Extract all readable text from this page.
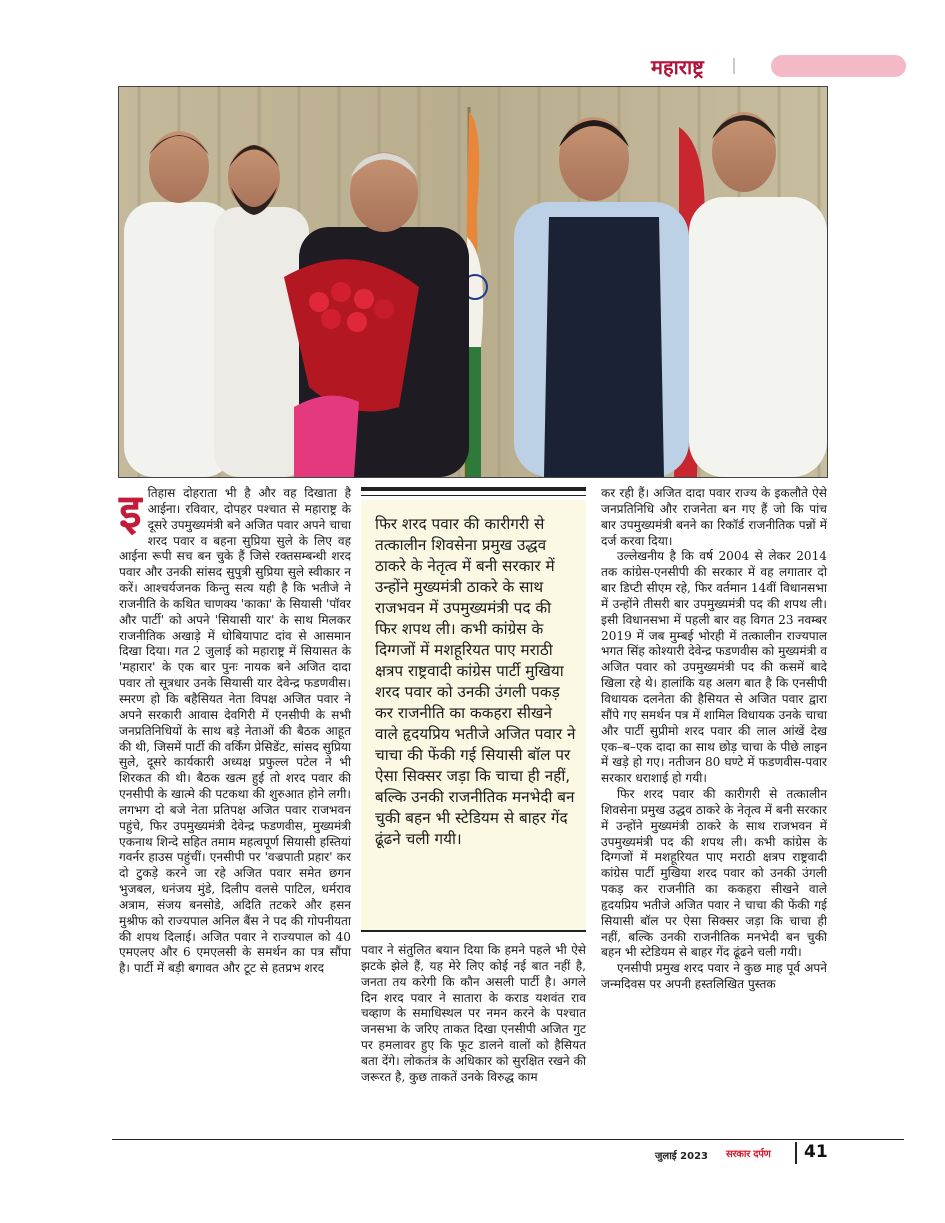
महाराष्ट्र
इ तिहास दोहराता भी है और वह दिखाता है आईना। रविवार, दोपहर पश्चात से महाराष्ट्र के दूसरे उपमुख्यमंत्री बने अजित पवार अपने चाचा शरद पवार व बहना सुप्रिया सुले के लिए वह आईना रूपी सच बन चुके हैं जिसे रक्तसम्बन्धी शरद पवार और उनकी सांसद सुपुत्री सुप्रिया सुले स्वीकार न करें। आश्चर्यजनक किन्तु सत्य यही है कि भतीजे ने राजनीति के कथित चाणक्य 'काका' के सियासी 'पॉवर और पार्टी' को अपने 'सियासी यार' के साथ मिलकर राजनीतिक अखाड़े में धोबियापाट दांव से आसमान दिखा दिया। गत 2 जुलाई को महाराष्ट्र में सियासत के 'महारार' के एक बार पुनः नायक बने अजित दादा पवार तो सूत्रधार उनके सियासी यार देवेन्द्र फडणवीस। स्मरण हो कि बहैसियत नेता विपक्ष अजित पवार ने अपने सरकारी आवास देवगिरी में एनसीपी के सभी जनप्रतिनिधियों के साथ बड़े नेताओं की बैठक आहूत की थी, जिसमें पार्टी की वर्किंग प्रेसिडेंट, सांसद सुप्रिया सुले, दूसरे कार्यकारी अध्यक्ष प्रफुल्ल पटेल ने भी शिरकत की थी। बैठक खत्म हुई तो शरद पवार की एनसीपी के खात्मे की पटकथा की शुरुआत होने लगी। लगभग दो बजे नेता प्रतिपक्ष अजित पवार राजभवन पहुंचे, फिर उपमुख्यमंत्री देवेन्द्र फडणवीस, मुख्यमंत्री एकनाथ शिन्दे सहित तमाम महत्वपूर्ण सियासी हस्तियां गवर्नर हाउस पहुंचीं। एनसीपी पर 'वज्रपाती प्रहार' कर दो टुकड़े करने जा रहे अजित पवार समेत छगन भुजबल, धनंजय मुंडे, दिलीप वलसे पाटिल, धर्मराव अत्राम, संजय बनसोडे, अदिति तटकरे और हसन मुश्रीफ को राज्यपाल अनिल बैंस ने पद की गोपनीयता की शपथ दिलाई। अजित पवार ने राज्यपाल को 40 एमएलए और 6 एमएलसी के समर्थन का पत्र सौंपा है। पार्टी में बड़ी बगावत और टूट से हतप्रभ शरद

फिर शरद पवार की कारीगरी से तत्कालीन शिवसेना प्रमुख उद्धव ठाकरे के नेतृत्व में बनी सरकार में उन्होंने मुख्यमंत्री ठाकरे के साथ राजभवन में उपमुख्यमंत्री पद की फिर शपथ ली। कभी कांग्रेस के दिग्गजों में मशहूरियत पाए मराठी क्षत्रप राष्ट्रवादी कांग्रेस पार्टी मुखिया शरद पवार को उनकी उंगली पकड़ कर राजनीति का ककहरा सीखने वाले हृदयप्रिय भतीजे अजित पवार ने चाचा की फेंकी गई सियासी बॉल पर ऐसा सिक्सर जड़ा कि चाचा ही नहीं, बल्कि उनकी राजनीतिक मनभेदी बन चुकी बहन भी स्टेडियम से बाहर गेंद ढूंढने चली गयी।

पवार ने संतुलित बयान दिया कि हमने पहले भी ऐसे झटके झेले हैं, यह मेरे लिए कोई नई बात नहीं है, जनता तय करेगी कि कौन असली पार्टी है। अगले दिन शरद पवार ने सातारा के कराड यशवंत राव चव्हाण के समाधिस्थल पर नमन करने के पश्चात जनसभा के जरिए ताकत दिखा एनसीपी अजित गुट पर हमलावर हुए कि फूट डालने वालों को हैसियत बता देंगे। लोकतंत्र के अधिकार को सुरक्षित रखने की जरूरत है, कुछ ताकतें उनके विरुद्ध काम

कर रही हैं। अजित दादा पवार राज्य के इकलौते ऐसे जनप्रतिनिधि और राजनेता बन गए हैं जो कि पांच बार उपमुख्यमंत्री बनने का रिकॉर्ड राजनीतिक पन्नों में दर्ज करवा दिया।

उल्लेखनीय है कि वर्ष 2004 से लेकर 2014 तक कांग्रेस-एनसीपी की सरकार में वह लगातार दो बार डिप्टी सीएम रहे, फिर वर्तमान 14वीं विधानसभा में उन्होंने तीसरी बार उपमुख्यमंत्री पद की शपथ ली। इसी विधानसभा में पहली बार वह विगत 23 नवम्बर 2019 में जब मुम्बई भोरही में तत्कालीन राज्यपाल भगत सिंह कोश्यारी देवेन्द्र फडणवीस को मुख्यमंत्री व अजित पवार को उपमुख्यमंत्री पद की कसमें बादे खिला रहे थे। हालांकि यह अलग बात है कि एनसीपी विधायक दलनेता की हैसियत से अजित पवार द्वारा सौंपे गए समर्थन पत्र में शामिल विधायक उनके चाचा और पार्टी सुप्रीमो शरद पवार की लाल आंखें देख एक–ब–एक दादा का साथ छोड़ चाचा के पीछे लाइन में खड़े हो गए। नतीजन 80 घण्टे में फडणवीस-पवार सरकार धराशाई हो गयी।

फिर शरद पवार की कारीगरी से तत्कालीन शिवसेना प्रमुख उद्धव ठाकरे के नेतृत्व में बनी सरकार में उन्होंने मुख्यमंत्री ठाकरे के साथ राजभवन में उपमुख्यमंत्री पद की शपथ ली। कभी कांग्रेस के दिग्गजों में मशहूरियत पाए मराठी क्षत्रप राष्ट्रवादी कांग्रेस पार्टी मुखिया शरद पवार को उनकी उंगली पकड़ कर राजनीति का ककहरा सीखने वाले हृदयप्रिय भतीजे अजित पवार ने चाचा की फेंकी गई सियासी बॉल पर ऐसा सिक्सर जड़ा कि चाचा ही नहीं, बल्कि उनकी राजनीतिक मनभेदी बन चुकी बहन भी स्टेडियम से बाहर गेंद ढूंढने चली गयी।

एनसीपी प्रमुख शरद पवार ने कुछ माह पूर्व अपने जन्मदिवस पर अपनी हस्तलिखित पुस्तक

जुलाई 2023 सरकार दर्पण 41
